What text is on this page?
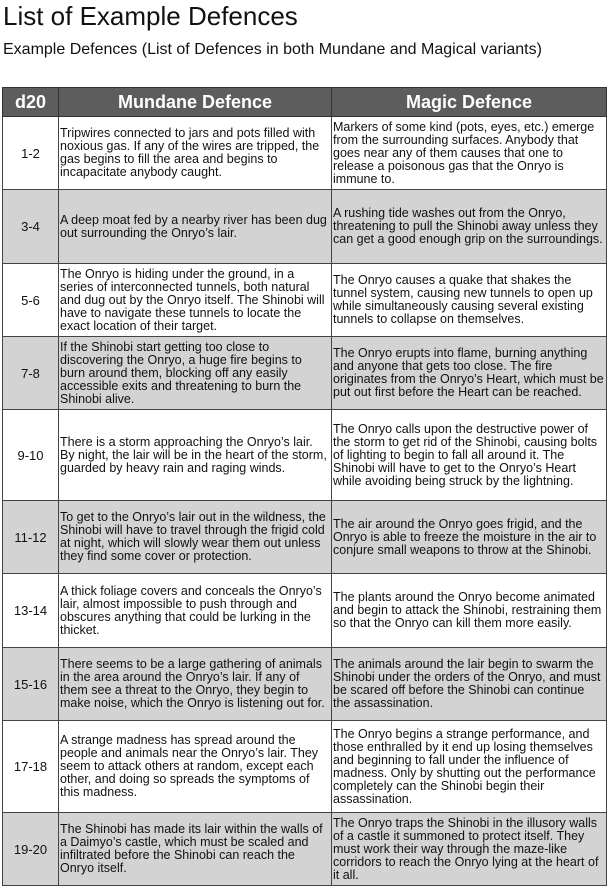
List of Example Defences
Example Defences (List of Defences in both Mundane and Magical variants)
d20	Mundane Defence	Magic Defence
1-2	Tripwires connected to jars and pots filled with noxious gas. If any of the wires are tripped, the gas begins to fill the area and begins to incapacitate anybody caught.	Markers of some kind (pots, eyes, etc.) emerge from the surrounding surfaces. Anybody that goes near any of them causes that one to release a poisonous gas that the Onryo is immune to.
3-4	A deep moat fed by a nearby river has been dug out surrounding the Onryo’s lair.	A rushing tide washes out from the Onryo, threatening to pull the Shinobi away unless they can get a good enough grip on the surroundings.
5-6	The Onryo is hiding under the ground, in a series of interconnected tunnels, both natural and dug out by the Onryo itself. The Shinobi will have to navigate these tunnels to locate the exact location of their target.	The Onryo causes a quake that shakes the tunnel system, causing new tunnels to open up while simultaneously causing several existing tunnels to collapse on themselves.
7-8	If the Shinobi start getting too close to discovering the Onryo, a huge fire begins to burn around them, blocking off any easily accessible exits and threatening to burn the Shinobi alive.	The Onryo erupts into flame, burning anything and anyone that gets too close. The fire originates from the Onryo’s Heart, which must be put out first before the Heart can be reached.
9-10	There is a storm approaching the Onryo’s lair. By night, the lair will be in the heart of the storm, guarded by heavy rain and raging winds.	The Onryo calls upon the destructive power of the storm to get rid of the Shinobi, causing bolts of lighting to begin to fall all around it. The Shinobi will have to get to the Onryo’s Heart while avoiding being struck by the lightning.
11-12	To get to the Onryo’s lair out in the wildness, the Shinobi will have to travel through the frigid cold at night, which will slowly wear them out unless they find some cover or protection.	The air around the Onryo goes frigid, and the Onryo is able to freeze the moisture in the air to conjure small weapons to throw at the Shinobi.
13-14	A thick foliage covers and conceals the Onryo’s lair, almost impossible to push through and obscures anything that could be lurking in the thicket.	The plants around the Onryo become animated and begin to attack the Shinobi, restraining them so that the Onryo can kill them more easily.
15-16	There seems to be a large gathering of animals in the area around the Onryo’s lair. If any of them see a threat to the Onryo, they begin to make noise, which the Onryo is listening out for.	The animals around the lair begin to swarm the Shinobi under the orders of the Onryo, and must be scared off before the Shinobi can continue the assassination.
17-18	A strange madness has spread around the people and animals near the Onryo’s lair. They seem to attack others at random, except each other, and doing so spreads the symptoms of this madness.	The Onryo begins a strange performance, and those enthralled by it end up losing themselves and beginning to fall under the influence of madness. Only by shutting out the performance completely can the Shinobi begin their assassination.
19-20	The Shinobi has made its lair within the walls of a Daimyo’s castle, which must be scaled and infiltrated before the Shinobi can reach the Onryo itself.	The Onryo traps the Shinobi in the illusory walls of a castle it summoned to protect itself. They must work their way through the maze-like corridors to reach the Onryo lying at the heart of it all.
